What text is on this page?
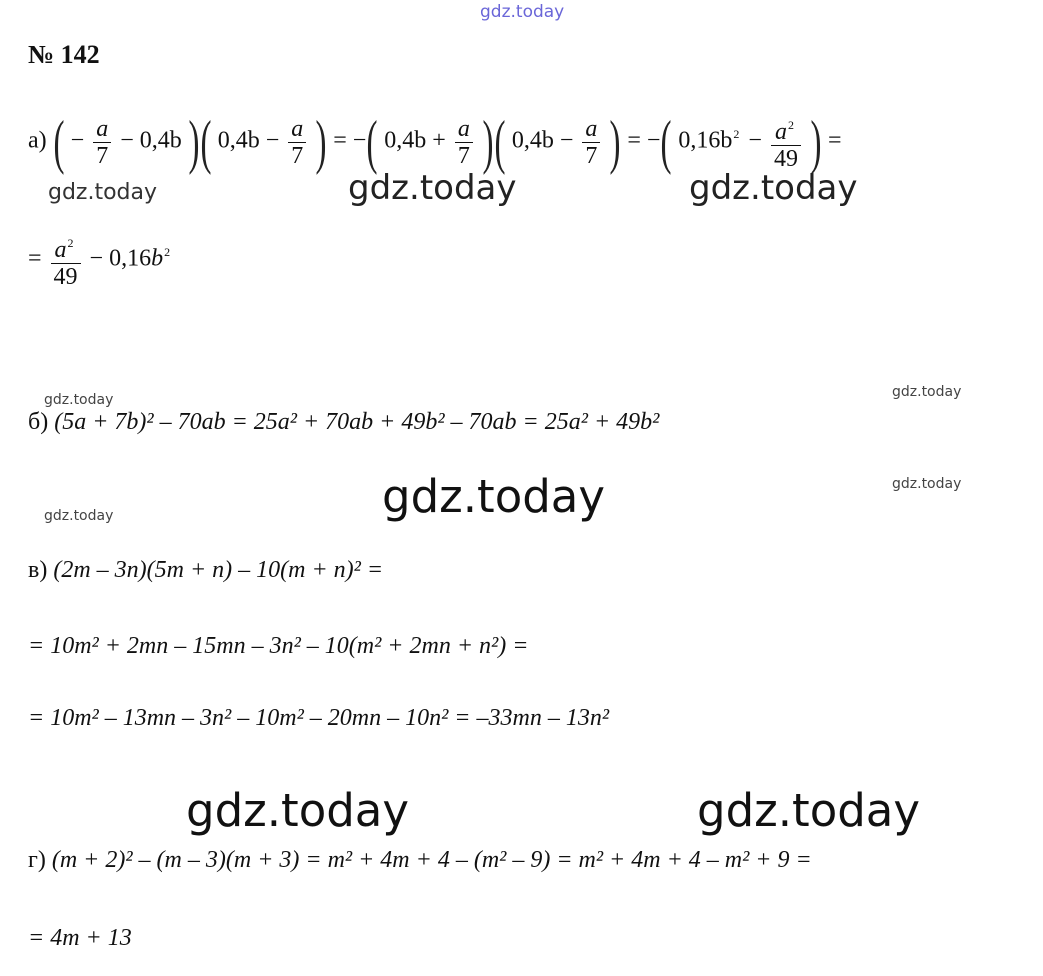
gdz.today
gdz.today	gdz.today	gdz.today
gdz.today	gdz.today
gdz.today	gdz.today
gdz.today
gdz.today	gdz.today
№ 142
а) ( − $\frac{a}{7} - 0,4b$ )( $0,4b - \frac{a}{7}$ ) = −( $0,4b + \frac{a}{7}$ )( $0,4b - \frac{a}{7}$ ) = −( $0,16b^2 - \frac{a^2}{49}$ ) =
= $\frac{a^2}{49} - 0,16b^2$
б) (5a + 7b)² – 70ab = 25a² + 70ab + 49b² – 70ab = 25a² + 49b²
в) (2m – 3n)(5m + n) – 10(m + n)² =
= 10m² + 2mn – 15mn – 3n² – 10(m² + 2mn + n²) =
= 10m² – 13mn – 3n² – 10m² – 20mn – 10n² = –33mn – 13n²
г) (m + 2)² – (m – 3)(m + 3) = m² + 4m + 4 – (m² – 9) = m² + 4m + 4 – m² + 9 =
= 4m + 13
